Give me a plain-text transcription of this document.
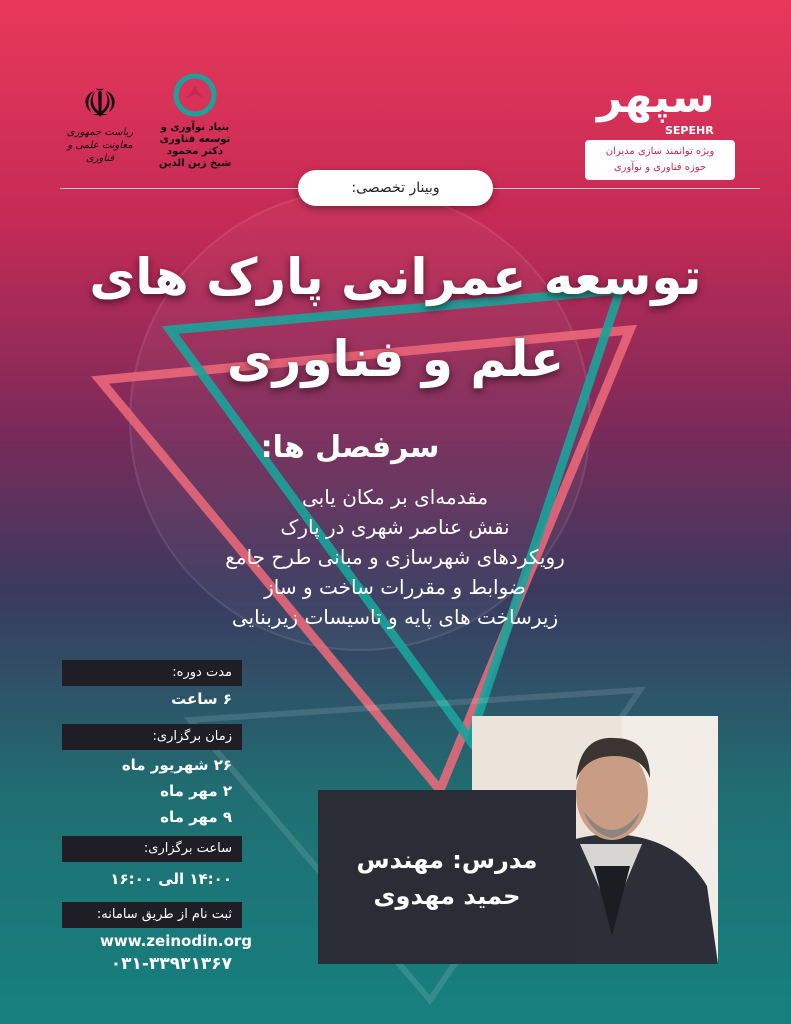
سپهر
SEPEHR
ویژه توانمند سازی مدیران
حوزه فناوری و نوآوری
بنیاد نوآوری و
توسعه فناوری
دکتر محمود
شیخ زین الدین
☫
ریاست جمهوری
معاونت علمی و فناوری
وبینار تخصصی:
توسعه عمرانی پارک های
علم و فناوری
سرفصل ها:
مقدمه‌ای بر مکان یابی
نقش عناصر شهری در پارک
رویکردهای شهرسازی و مبانی طرح جامع
ضوابط و مقررات ساخت و ساز
زیرساخت های پایه و تاسیسات زیربنایی
مدت دوره:
۶ ساعت
زمان برگزاری:
۲۶ شهریور ماه
۲ مهر ماه
۹ مهر ماه
ساعت برگزاری:
۱۴:۰۰ الی ۱۶:۰۰
ثبت نام از طریق سامانه:
www.zeinodin.org
۰۳۱-۳۳۹۳۱۳۶۷
مدرس: مهندس
حمید مهدوی
